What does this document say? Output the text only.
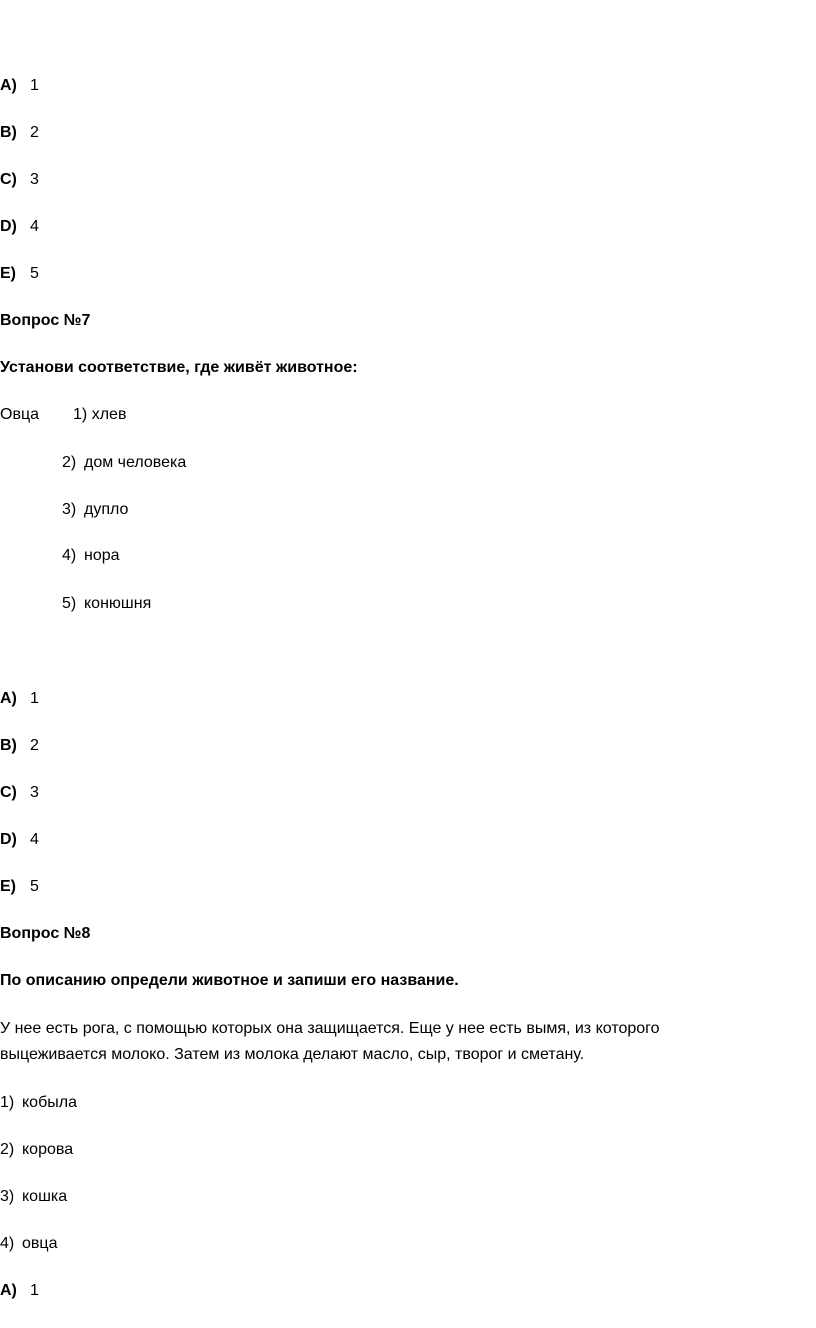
A) 1
B) 2
C) 3
D) 4
E) 5
Вопрос №7
Установи соответствие, где живёт животное:
Овца 1) хлев
2) дом человека
3) дупло
4) нора
5) конюшня
A) 1
B) 2
C) 3
D) 4
E) 5
Вопрос №8
По описанию определи животное и запиши его название.
У нее есть рога, с помощью которых она защищается. Еще у нее есть вымя, из которого выцеживается молоко. Затем из молока делают масло, сыр, творог и сметану.
1) кобыла
2) корова
3) кошка
4) овца
A) 1
